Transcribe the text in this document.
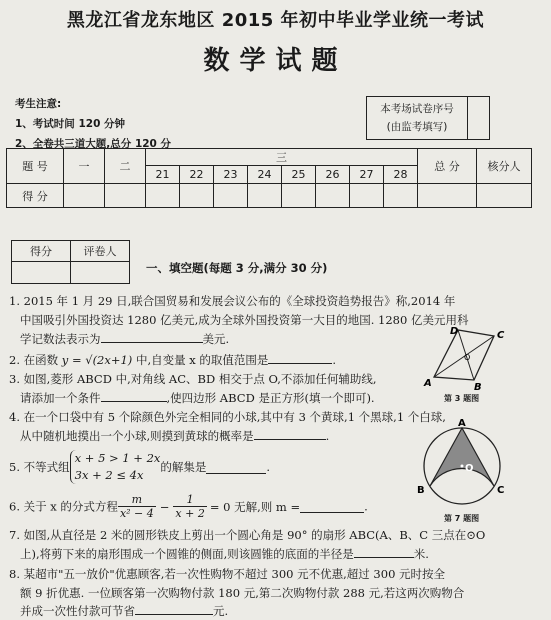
黑龙江省龙东地区 2015 年初中毕业学业统一考试
数学试题
考生注意:
1、考试时间 120 分钟
2、全卷共三道大题,总分 120 分
本考场试卷序号
(由监考填写)
题 号	一	二	三								总 分	核分人
			21	22	23	24	25	26	27	28		
得 分												
得分	评卷人

一、填空题(每题 3 分,满分 30 分)
1. 2015 年 1 月 29 日,联合国贸易和发展会议公布的《全球投资趋势报告》称,2014 年
中国吸引外国投资达 1280 亿美元,成为全球外国投资第一大目的地国. 1280 亿美元用科
学记数法表示为	美元.
2. 在函数 y = √(2x+1) 中,自变量 x 的取值范围是	.
3. 如图,菱形 ABCD 中,对角线 AC、BD 相交于点 O,不添加任何辅助线,
请添加一个条件	,使四边形 ABCD 是正方形(填一个即可).
4. 在一个口袋中有 5 个除颜色外完全相同的小球,其中有 3 个黄球,1 个黑球,1 个白球,
从中随机地摸出一个小球,则摸到黄球的概率是	.
5. 不等式组
x + 5 > 1 + 2x
3x + 2 ≤ 4x
的解集是	.
6. 关于 x 的分式方程 $\frac{m}{\text{x² − 4}} - \frac{1}{x + 2} = 0$ 无解,则 m =	.
7. 如图,从直径是 2 米的圆形铁皮上剪出一个圆心角是 90° 的扇形 ABC(A、B、C 三点在⊙O
上),将剪下来的扇形围成一个圆锥的侧面,则该圆锥的底面的半径是	米.
8. 某超市"五一放价"优惠顾客,若一次性购物不超过 300 元不优惠,超过 300 元时按全
额 9 折优惠. 一位顾客第一次购物付款 180 元,第二次购物付款 288 元,若这两次购物合
并成一次性付款可节省	元.
A
D	C
B
O
第 3 题图
A
B	C
O
第 7 题图
